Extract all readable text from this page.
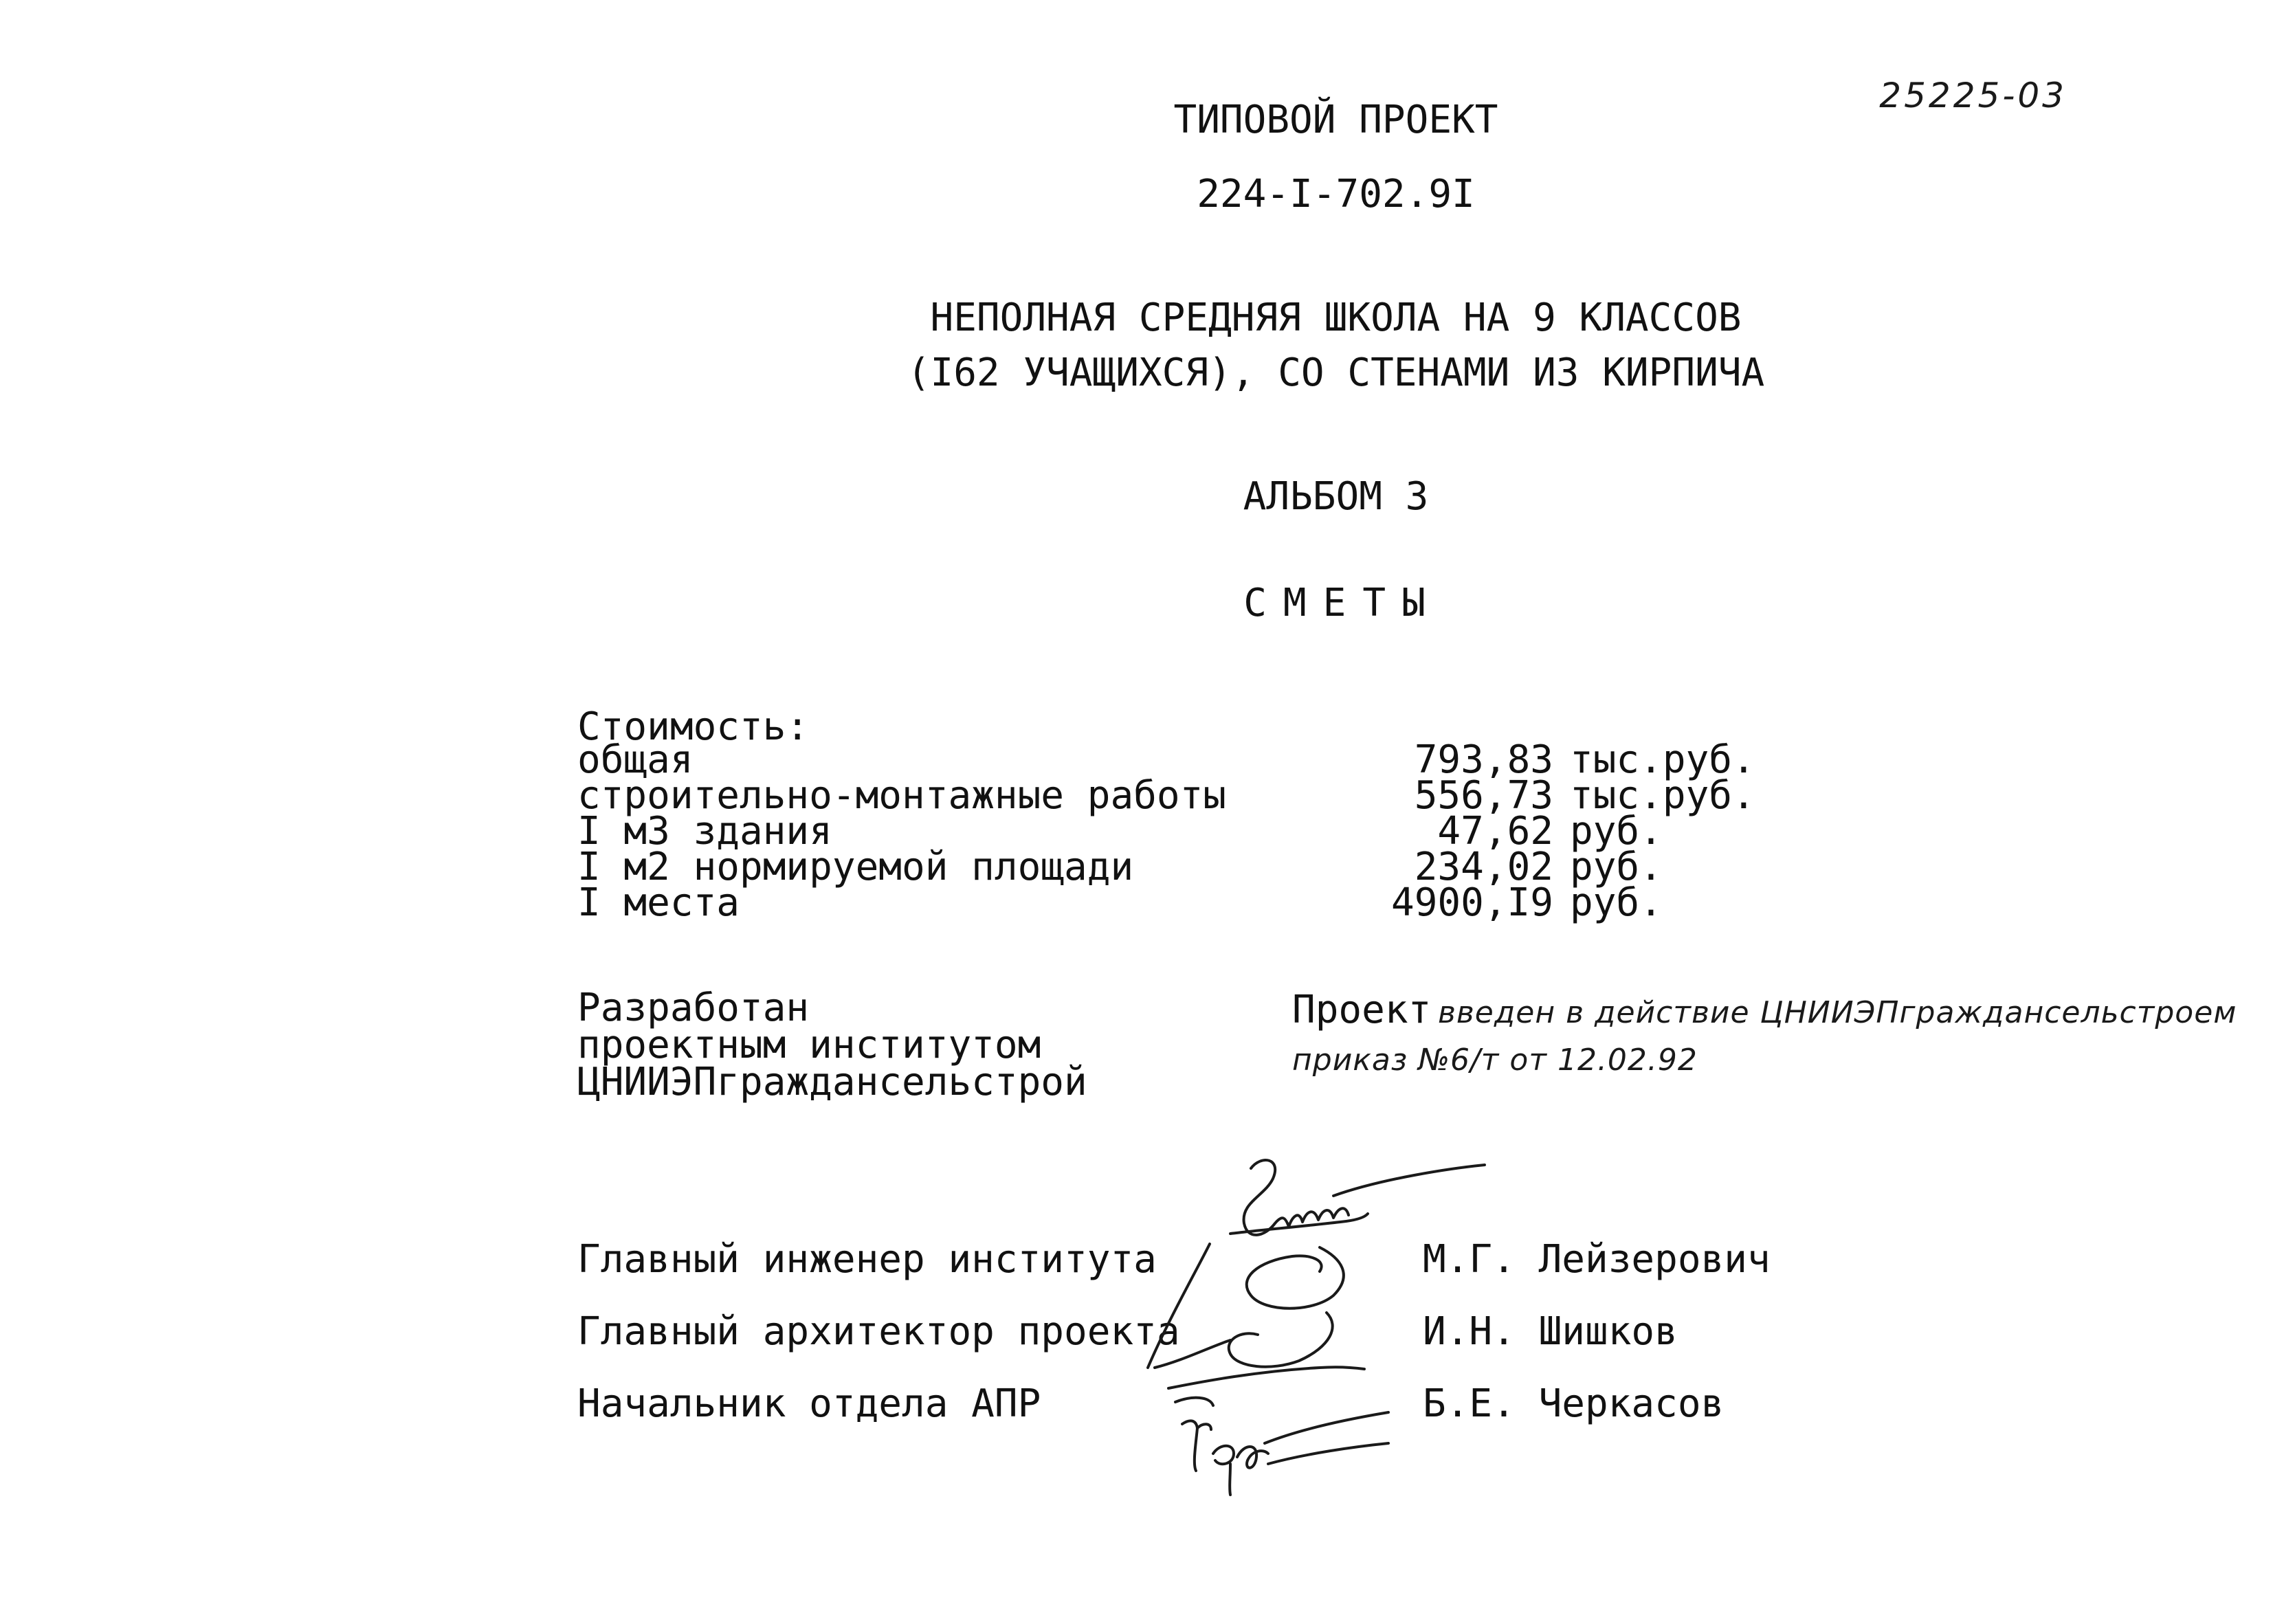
25225-03
ТИПОВОЙ ПРОЕКТ
224-I-702.9I
НЕПОЛНАЯ СРЕДНЯЯ ШКОЛА НА 9 КЛАССОВ
(I62 УЧАЩИХСЯ), СО СТЕНАМИ ИЗ КИРПИЧА
АЛЬБОМ 3
СМЕТЫ
Стоимость:
общая	793,83	тыс.руб.
строительно-монтажные работы	556,73	тыс.руб.
I м3 здания	47,62	руб.
I м2 нормируемой площади	234,02	руб.
I места	4900,I9	руб.
Разработан
проектным институтом
ЦНИИЭПграждансельстрой
Проект введен в действие ЦНИИЭПграждансельстроем
приказ №6/т от 12.02.92
Главный инженер института	М.Г. Лейзерович
Главный архитектор проекта	И.Н. Шишков
Начальник отдела АПР	Б.Е. Черкасов
